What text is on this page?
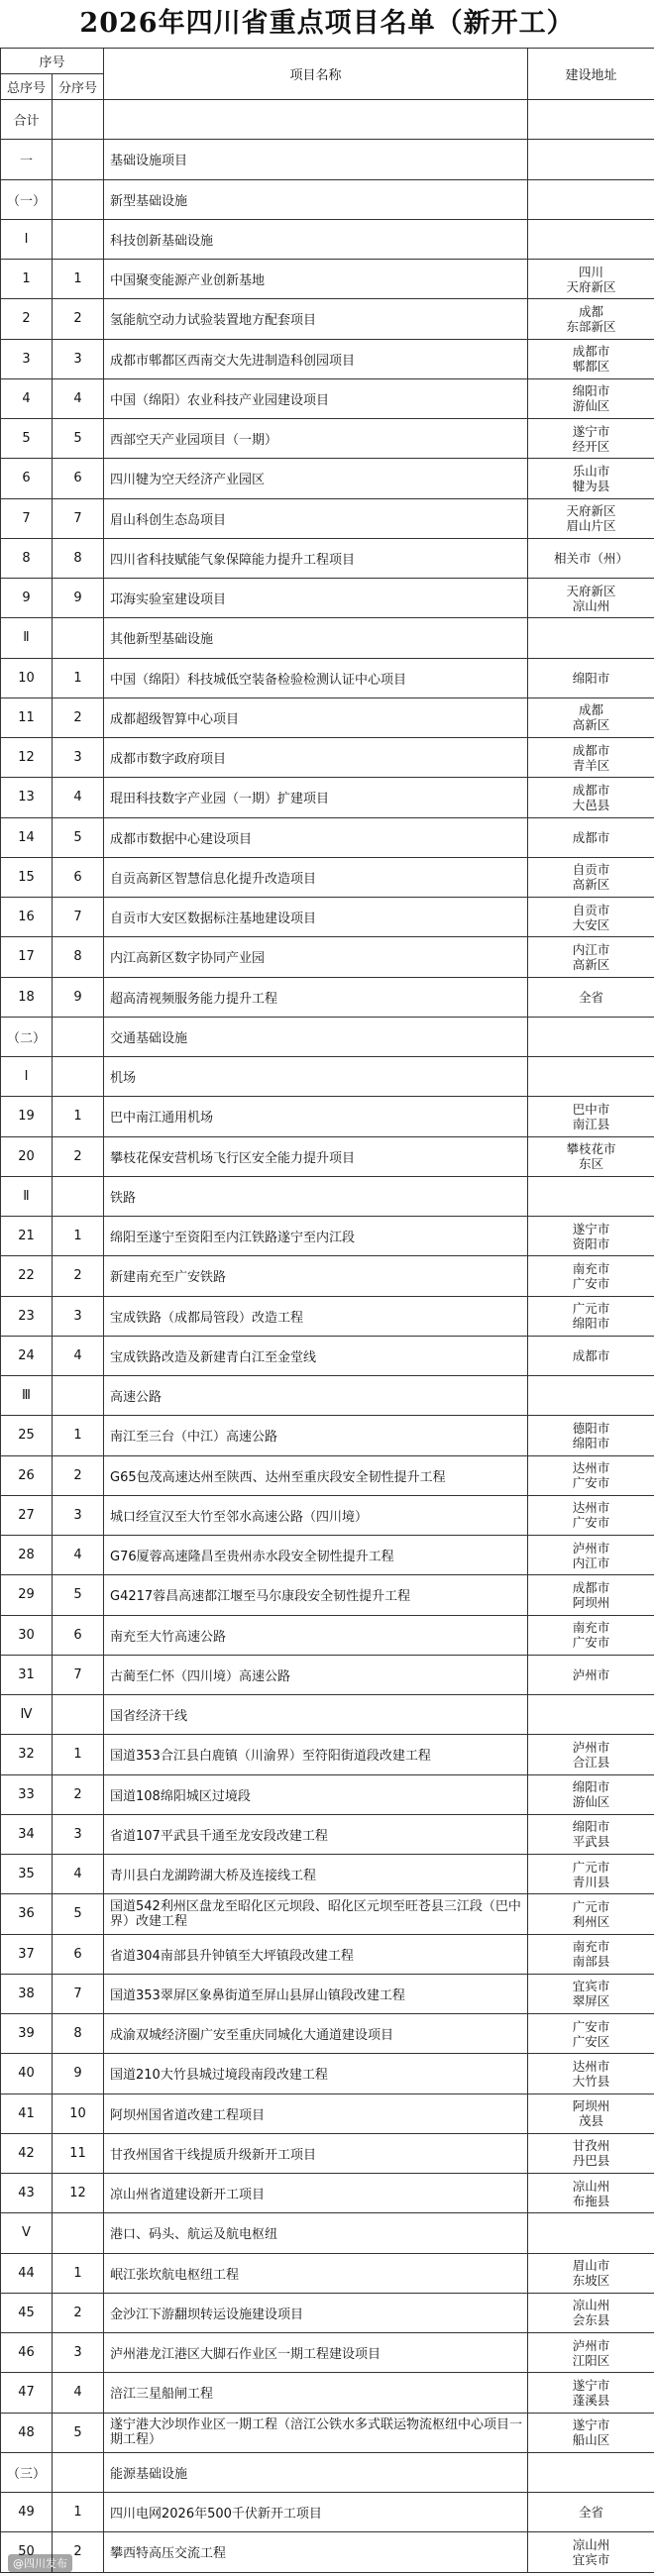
2026年四川省重点项目名单（新开工）
序号		项目名称	建设地址
总序号	分序号		
合计			
一		基础设施项目	
（一）		新型基础设施	
Ⅰ		科技创新基础设施	
1	1	中国聚变能源产业创新基地	四川
天府新区
2	2	氢能航空动力试验装置地方配套项目	成都
东部新区
3	3	成都市郫都区西南交大先进制造科创园项目	成都市
郫都区
4	4	中国（绵阳）农业科技产业园建设项目	绵阳市
游仙区
5	5	西部空天产业园项目（一期）	遂宁市
经开区
6	6	四川犍为空天经济产业园区	乐山市
犍为县
7	7	眉山科创生态岛项目	天府新区
眉山片区
8	8	四川省科技赋能气象保障能力提升工程项目	相关市（州）
9	9	邛海实验室建设项目	天府新区
凉山州
Ⅱ		其他新型基础设施	
10	1	中国（绵阳）科技城低空装备检验检测认证中心项目	绵阳市
11	2	成都超级智算中心项目	成都
高新区
12	3	成都市数字政府项目	成都市
青羊区
13	4	琨田科技数字产业园（一期）扩建项目	成都市
大邑县
14	5	成都市数据中心建设项目	成都市
15	6	自贡高新区智慧信息化提升改造项目	自贡市
高新区
16	7	自贡市大安区数据标注基地建设项目	自贡市
大安区
17	8	内江高新区数字协同产业园	内江市
高新区
18	9	超高清视频服务能力提升工程	全省
（二）		交通基础设施	
Ⅰ		机场	
19	1	巴中南江通用机场	巴中市
南江县
20	2	攀枝花保安营机场飞行区安全能力提升项目	攀枝花市
东区
Ⅱ		铁路	
21	1	绵阳至遂宁至资阳至内江铁路遂宁至内江段	遂宁市
资阳市
22	2	新建南充至广安铁路	南充市
广安市
23	3	宝成铁路（成都局管段）改造工程	广元市
绵阳市
24	4	宝成铁路改造及新建青白江至金堂线	成都市
Ⅲ		高速公路	
25	1	南江至三台（中江）高速公路	德阳市
绵阳市
26	2	G65包茂高速达州至陕西、达州至重庆段安全韧性提升工程	达州市
广安市
27	3	城口经宣汉至大竹至邻水高速公路（四川境）	达州市
广安市
28	4	G76厦蓉高速隆昌至贵州赤水段安全韧性提升工程	泸州市
内江市
29	5	G4217蓉昌高速都江堰至马尔康段安全韧性提升工程	成都市
阿坝州
30	6	南充至大竹高速公路	南充市
广安市
31	7	古蔺至仁怀（四川境）高速公路	泸州市
Ⅳ		国省经济干线	
32	1	国道353合江县白鹿镇（川渝界）至符阳街道段改建工程	泸州市
合江县
33	2	国道108绵阳城区过境段	绵阳市
游仙区
34	3	省道107平武县千通至龙安段改建工程	绵阳市
平武县
35	4	青川县白龙湖跨湖大桥及连接线工程	广元市
青川县
36	5	国道542利州区盘龙至昭化区元坝段、昭化区元坝至旺苍县三江段（巴中界）改建工程	广元市
利州区
37	6	省道304南部县升钟镇至大坪镇段改建工程	南充市
南部县
38	7	国道353翠屏区象鼻街道至屏山县屏山镇段改建工程	宜宾市
翠屏区
39	8	成渝双城经济圈广安至重庆同城化大通道建设项目	广安市
广安区
40	9	国道210大竹县城过境段南段改建工程	达州市
大竹县
41	10	阿坝州国省道改建工程项目	阿坝州
茂县
42	11	甘孜州国省干线提质升级新开工项目	甘孜州
丹巴县
43	12	凉山州省道建设新开工项目	凉山州
布拖县
Ⅴ		港口、码头、航运及航电枢纽	
44	1	岷江张坎航电枢纽工程	眉山市
东坡区
45	2	金沙江下游翻坝转运设施建设项目	凉山州
会东县
46	3	泸州港龙江港区大脚石作业区一期工程建设项目	泸州市
江阳区
47	4	涪江三星船闸工程	遂宁市
蓬溪县
48	5	遂宁港大沙坝作业区一期工程（涪江公铁水多式联运物流枢纽中心项目一期工程）	遂宁市
船山区
（三）		能源基础设施	
49	1	四川电网2026年500千伏新开工项目	全省
50	2	攀西特高压交流工程	凉山州
宜宾市
@四川发布
